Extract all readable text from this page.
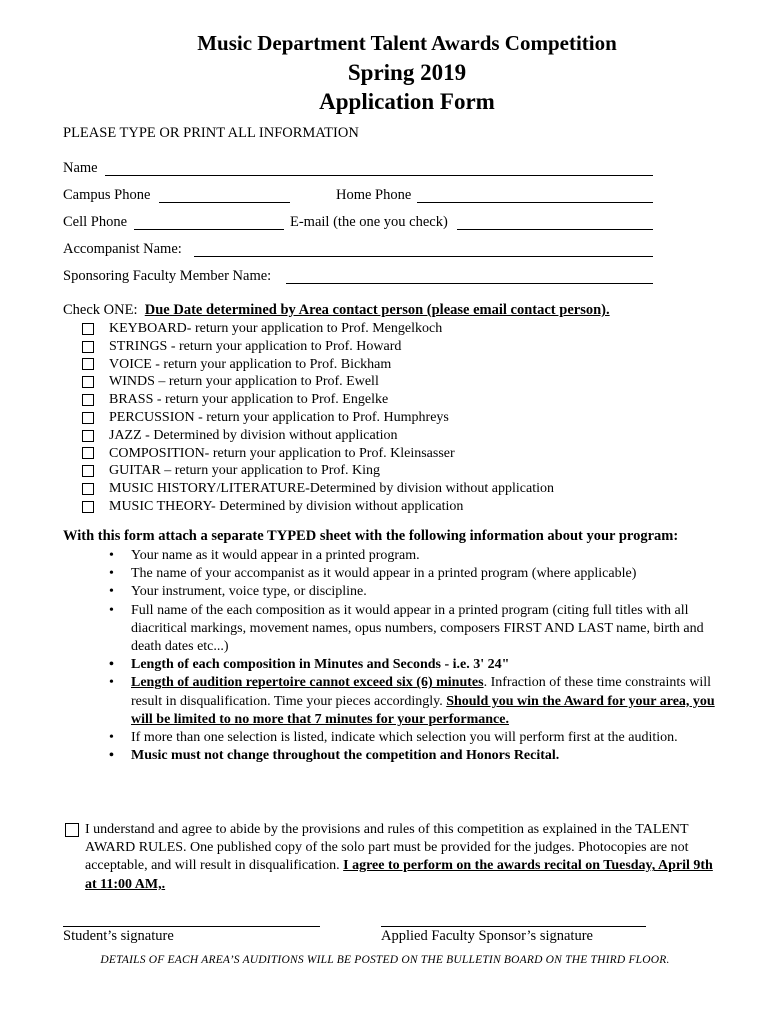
Music Department Talent Awards Competition
Spring 2019
Application Form
PLEASE TYPE OR PRINT ALL INFORMATION
Name
Campus Phone	Home Phone
Cell Phone	E-mail (the one you check)
Accompanist Name:
Sponsoring Faculty Member Name:
Check ONE: Due Date determined by Area contact person (please email contact person).
KEYBOARD- return your application to Prof. Mengelkoch
STRINGS - return your application to Prof. Howard
VOICE - return your application to Prof. Bickham
WINDS – return your application to Prof. Ewell
BRASS - return your application to Prof. Engelke
PERCUSSION - return your application to Prof. Humphreys
JAZZ - Determined by division without application
COMPOSITION- return your application to Prof. Kleinsasser
GUITAR – return your application to Prof. King
MUSIC HISTORY/LITERATURE-Determined by division without application
MUSIC THEORY- Determined by division without application
With this form attach a separate TYPED sheet with the following information about your program:
• Your name as it would appear in a printed program.
• The name of your accompanist as it would appear in a printed program (where applicable)
• Your instrument, voice type, or discipline.
• Full name of the each composition as it would appear in a printed program (citing full titles with all diacritical markings, movement names, opus numbers, composers FIRST AND LAST name, birth and death dates etc...)
• Length of each composition in Minutes and Seconds - i.e. 3' 24"
• Length of audition repertoire cannot exceed six (6) minutes. Infraction of these time constraints will result in disqualification. Time your pieces accordingly. Should you win the Award for your area, you will be limited to no more that 7 minutes for your performance.
• If more than one selection is listed, indicate which selection you will perform first at the audition.
• Music must not change throughout the competition and Honors Recital.
I understand and agree to abide by the provisions and rules of this competition as explained in the TALENT AWARD RULES. One published copy of the solo part must be provided for the judges. Photocopies are not acceptable, and will result in disqualification. I agree to perform on the awards recital on Tuesday, April 9th at 11:00 AM,.
Student’s signature	Applied Faculty Sponsor’s signature
DETAILS OF EACH AREA’S AUDITIONS WILL BE POSTED ON THE BULLETIN BOARD ON THE THIRD FLOOR.
